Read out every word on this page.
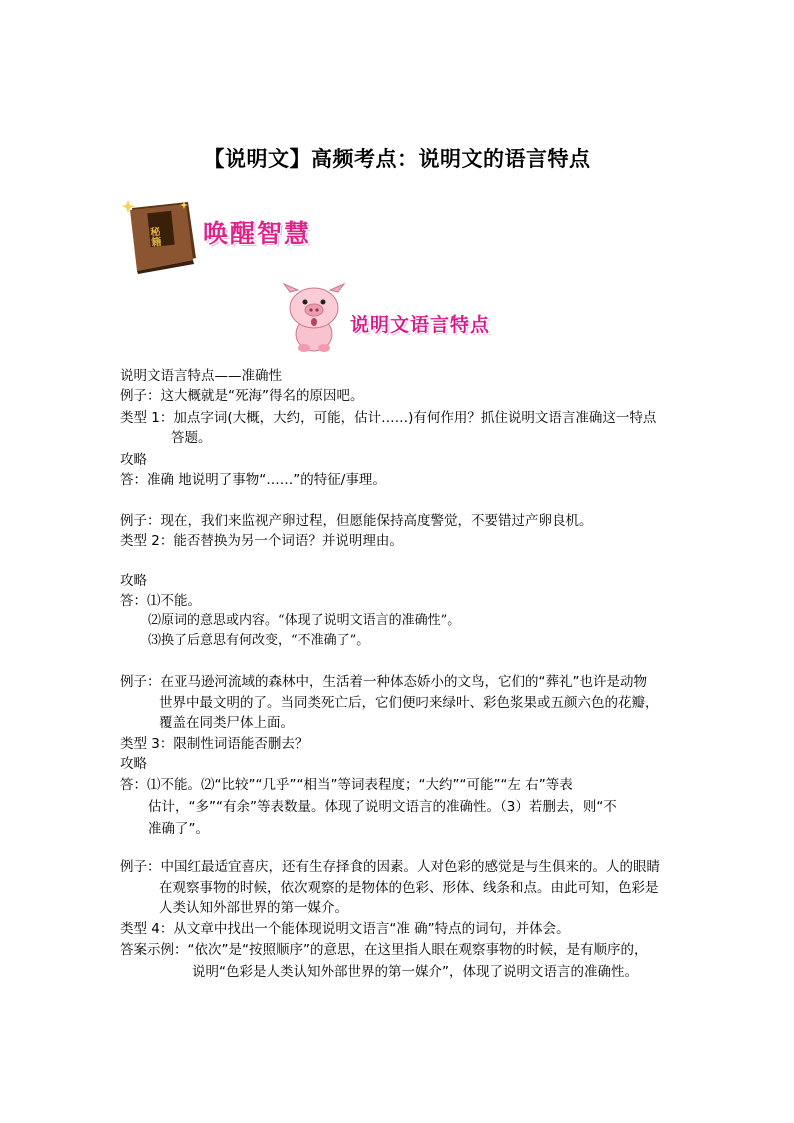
【说明文】高频考点：说明文的语言特点
秘籍 唤醒智慧
说明文语言特点
说明文语言特点——准确性
例子：这大概就是“死海”得名的原因吧。
类型 1：加点字词(大概，大约，可能，估计……)有何作用？抓住说明文语言准确这一特点
答题。
攻略
答：准确 地说明了事物“……”的特征/事理。
例子：现在，我们来监视产卵过程，但愿能保持高度警觉，不要错过产卵良机。
类型 2：能否替换为另一个词语？并说明理由。
攻略
答：⑴不能。
⑵原词的意思或内容。“体现了说明文语言的准确性”。
⑶换了后意思有何改变，“不准确了”。
例子：在亚马逊河流域的森林中，生活着一种体态娇小的文鸟，它们的“葬礼”也许是动物
世界中最文明的了。当同类死亡后，它们便叼来绿叶、彩色浆果或五颜六色的花瓣，
覆盖在同类尸体上面。
类型 3：限制性词语能否删去？
攻略
答：⑴不能。⑵“比较”“几乎”“相当”等词表程度；“大约”“可能”“左 右”等表
估计，“多”“有余”等表数量。体现了说明文语言的准确性。（3）若删去，则“不
准确了”。
例子：中国红最适宜喜庆，还有生存择食的因素。人对色彩的感觉是与生俱来的。人的眼睛
在观察事物的时候，依次观察的是物体的色彩、形体、线条和点。由此可知，色彩是
人类认知外部世界的第一媒介。
类型 4：从文章中找出一个能体现说明文语言“准 确”特点的词句，并体会。
答案示例：“依次”是“按照顺序”的意思，在这里指人眼在观察事物的时候，是有顺序的，
说明“色彩是人类认知外部世界的第一媒介”，体现了说明文语言的准确性。
